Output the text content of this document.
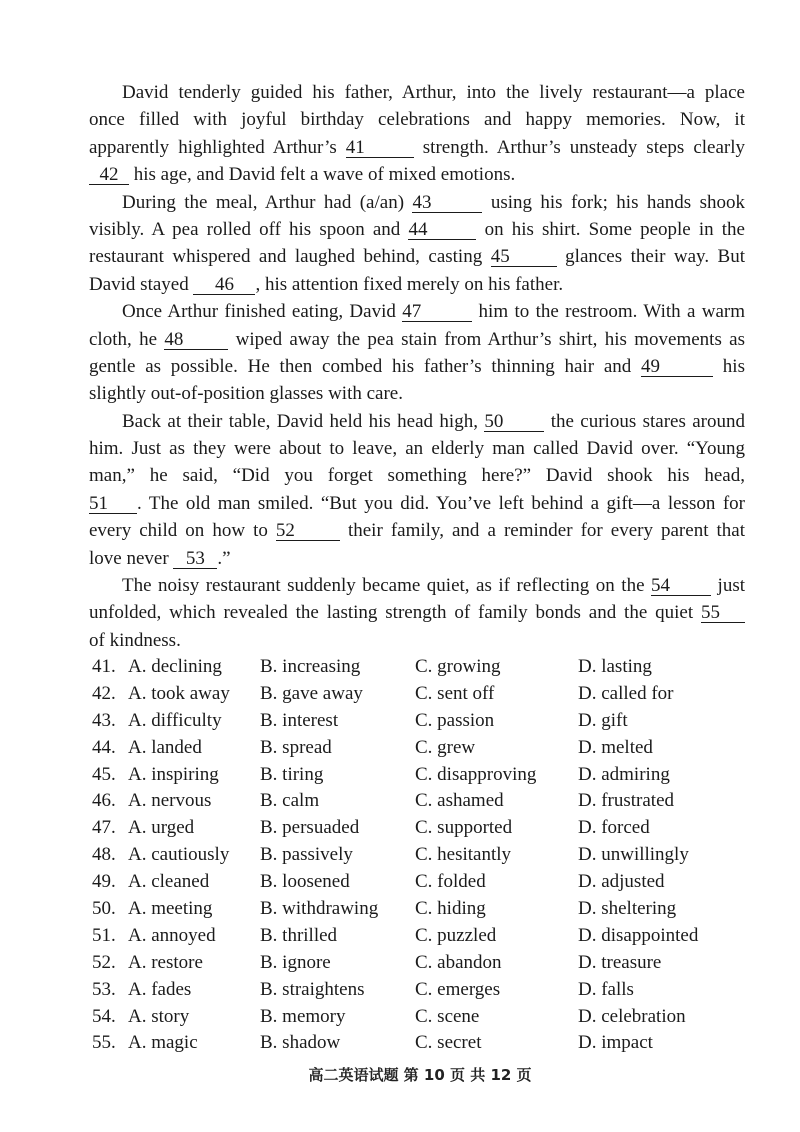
David tenderly guided his father, Arthur, into the lively restaurant—a place
once filled with joyful birthday celebrations and happy memories. Now, it
apparently highlighted Arthur’s 41	strength. Arthur’s unsteady steps clearly
42 his age, and David felt a wave of mixed emotions.
During the meal, Arthur had (a/an) 43	using his fork; his hands shook
visibly. A pea rolled off his spoon and 44	on his shirt. Some people in the
restaurant whispered and laughed behind, casting 45 glances their way. But
David stayed 46 , his attention fixed merely on his father.
Once Arthur finished eating, David 47	him to the restroom. With a warm
cloth, he 48 wiped away the pea stain from Arthur’s shirt, his movements as
gentle as possible. He then combed his father’s thinning hair and 49	his
slightly out-of-position glasses with care.
Back at their table, David held his head high, 50 the curious stares around
him. Just as they were about to leave, an elderly man called David over. “Young
man,” he said, “Did you forget something here?” David shook his head,
51 . The old man smiled. “But you did. You’ve left behind a gift—a lesson for
every child on how to 52 their family, and a reminder for every parent that
love never 53 .”
The noisy restaurant suddenly became quiet, as if reflecting on the 54 just
unfolded, which revealed the lasting strength of family bonds and the quiet 55
of kindness.
41. A. declining	B. increasing	C. growing	D. lasting
42. A. took away	B. gave away	C. sent off	D. called for
43. A. difficulty	B. interest	C. passion	D. gift
44. A. landed	B. spread	C. grew	D. melted
45. A. inspiring	B. tiring	C. disapproving	D. admiring
46. A. nervous	B. calm	C. ashamed	D. frustrated
47. A. urged	B. persuaded	C. supported	D. forced
48. A. cautiously	B. passively	C. hesitantly	D. unwillingly
49. A. cleaned	B. loosened	C. folded	D. adjusted
50. A. meeting	B. withdrawing	C. hiding	D. sheltering
51. A. annoyed	B. thrilled	C. puzzled	D. disappointed
52. A. restore	B. ignore	C. abandon	D. treasure
53. A. fades	B. straightens	C. emerges	D. falls
54. A. story	B. memory	C. scene	D. celebration
55. A. magic	B. shadow	C. secret	D. impact
高二英语试题 第 10 页 共 12 页
